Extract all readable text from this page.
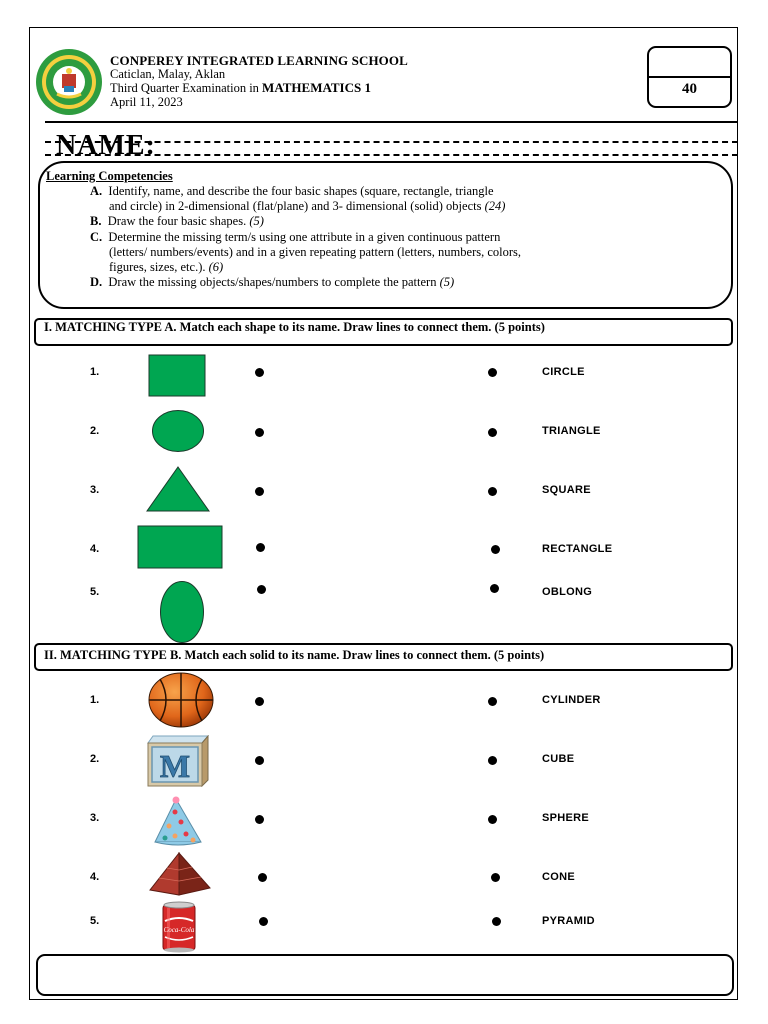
CONPEREY INTEGRATED LEARNING SCHOOL
Caticlan, Malay, Aklan
Third Quarter Examination in MATHEMATICS 1
April 11, 2023
40
NAME:
Learning Competencies
A. Identify, name, and describe the four basic shapes (square, rectangle, triangle
and circle) in 2-dimensional (flat/plane) and 3- dimensional (solid) objects (24)
B. Draw the four basic shapes. (5)
C. Determine the missing term/s using one attribute in a given continuous pattern
(letters/ numbers/events) and in a given repeating pattern (letters, numbers, colors,
figures, sizes, etc.). (6)
D. Draw the missing objects/shapes/numbers to complete the pattern (5)
I. MATCHING TYPE A. Match each shape to its name. Draw lines to connect them. (5 points)
1.
2.
3.
4.
5.
CIRCLE
TRIANGLE
SQUARE
RECTANGLE
OBLONG
II. MATCHING TYPE B. Match each solid to its name. Draw lines to connect them. (5 points)
1.
2.
3.
4.
5.
M
Coca-Cola
CYLINDER
CUBE
SPHERE
CONE
PYRAMID
